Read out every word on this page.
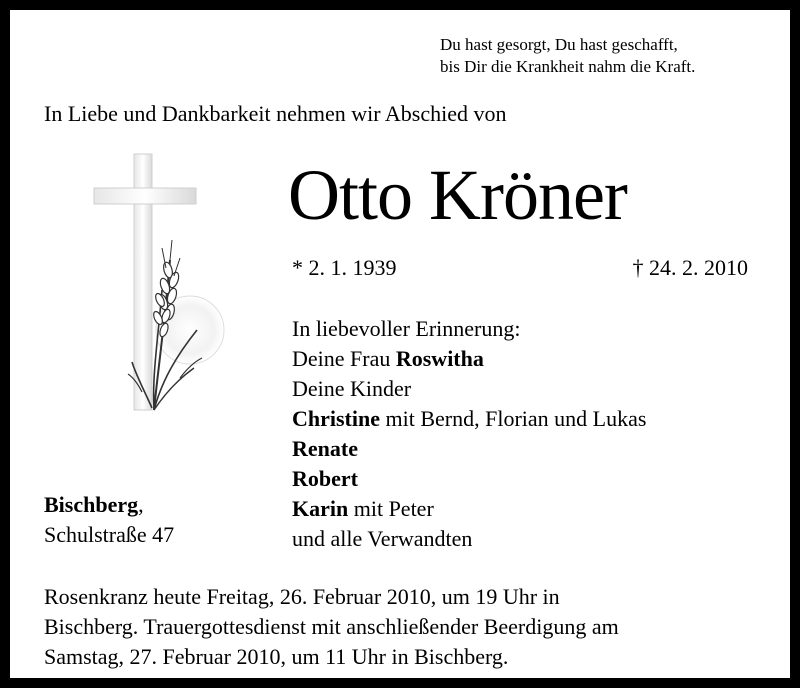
Du hast gesorgt, Du hast geschafft,
bis Dir die Krankheit nahm die Kraft.
In Liebe und Dankbarkeit nehmen wir Abschied von
Otto Kröner
* 2. 1. 1939	† 24. 2. 2010
In liebevoller Erinnerung:
Deine Frau Roswitha
Deine Kinder
Christine mit Bernd, Florian und Lukas
Renate
Robert
Karin mit Peter
und alle Verwandten
Bischberg,
Schulstraße 47
Rosenkranz heute Freitag, 26. Februar 2010, um 19 Uhr in
Bischberg. Trauergottesdienst mit anschließender Beerdigung am
Samstag, 27. Februar 2010, um 11 Uhr in Bischberg.
